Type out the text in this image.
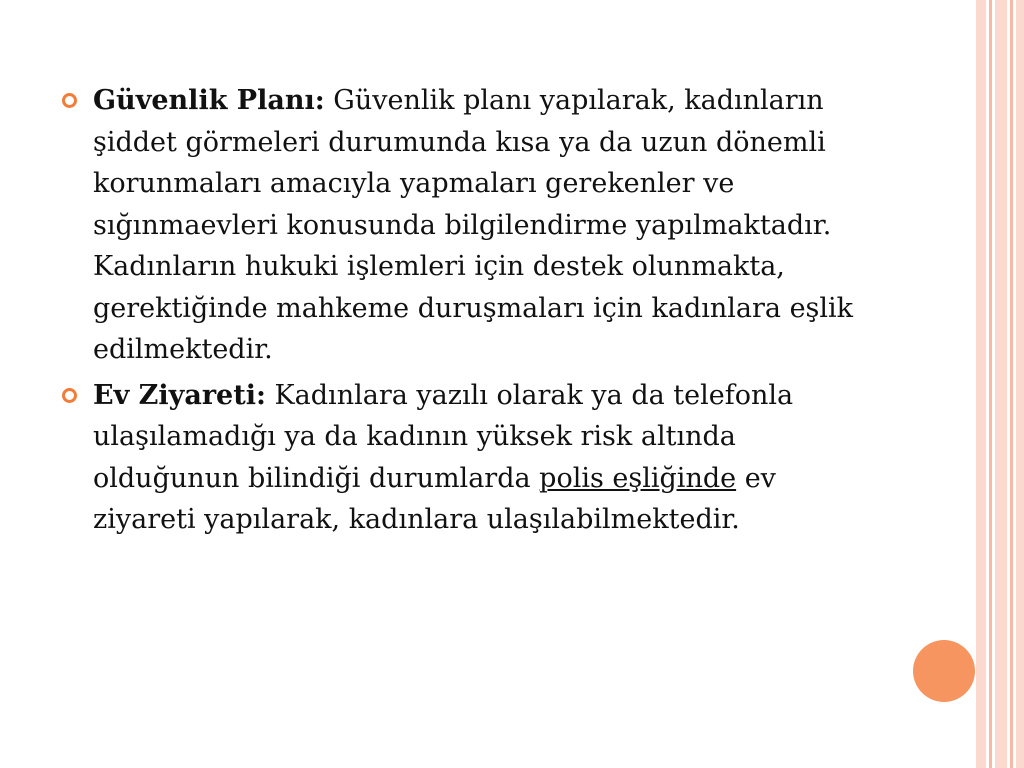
Güvenlik Planı: Güvenlik planı yapılarak, kadınların şiddet görmeleri durumunda kısa ya da uzun dönemli korunmaları amacıyla yapmaları gerekenler ve sığınmaevleri konusunda bilgilendirme yapılmaktadır. Kadınların hukuki işlemleri için destek olunmakta, gerektiğinde mahkeme duruşmaları için kadınlara eşlik edilmektedir.
Ev Ziyareti: Kadınlara yazılı olarak ya da telefonla ulaşılamadığı ya da kadının yüksek risk altında olduğunun bilindiği durumlarda polis eşliğinde ev ziyareti yapılarak, kadınlara ulaşılabilmektedir.
